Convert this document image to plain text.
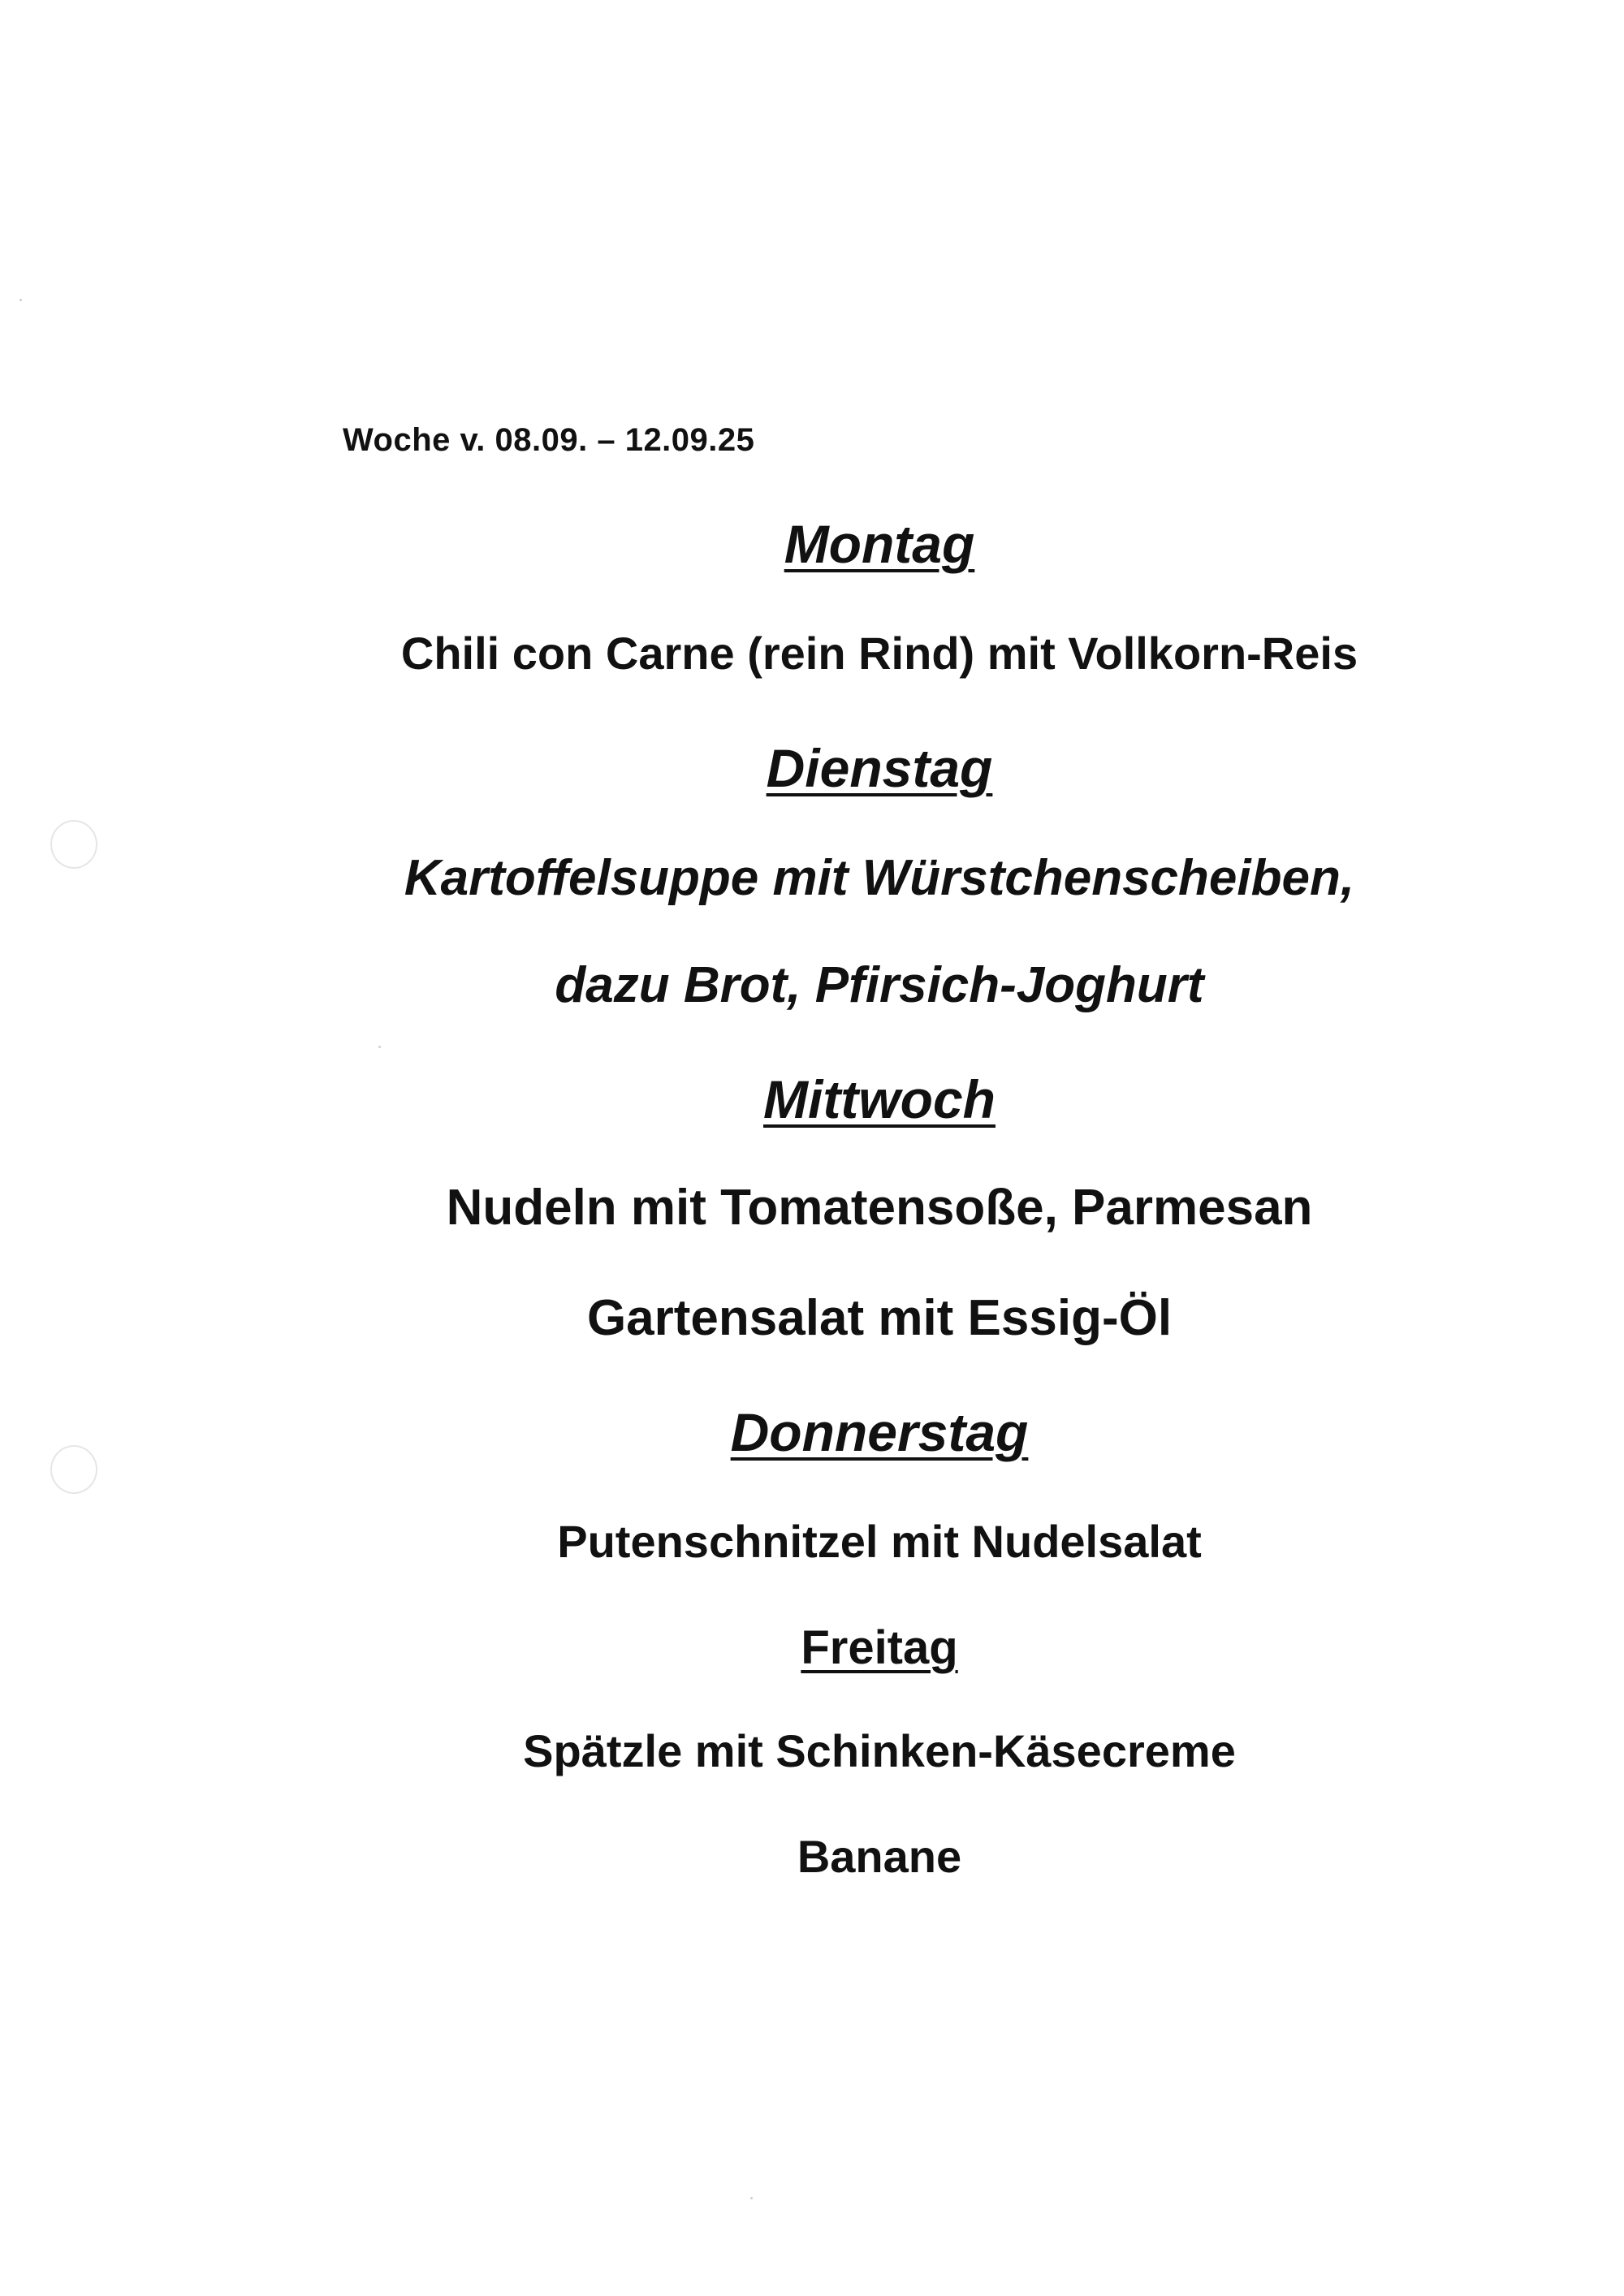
Woche v. 08.09. – 12.09.25
Montag
Chili con Carne (rein Rind) mit Vollkorn-Reis
Dienstag
Kartoffelsuppe mit Würstchenscheiben,
dazu Brot, Pfirsich-Joghurt
Mittwoch
Nudeln mit Tomatensoße, Parmesan
Gartensalat mit Essig-Öl
Donnerstag
Putenschnitzel mit Nudelsalat
Freitag
Spätzle mit Schinken-Käsecreme
Banane
